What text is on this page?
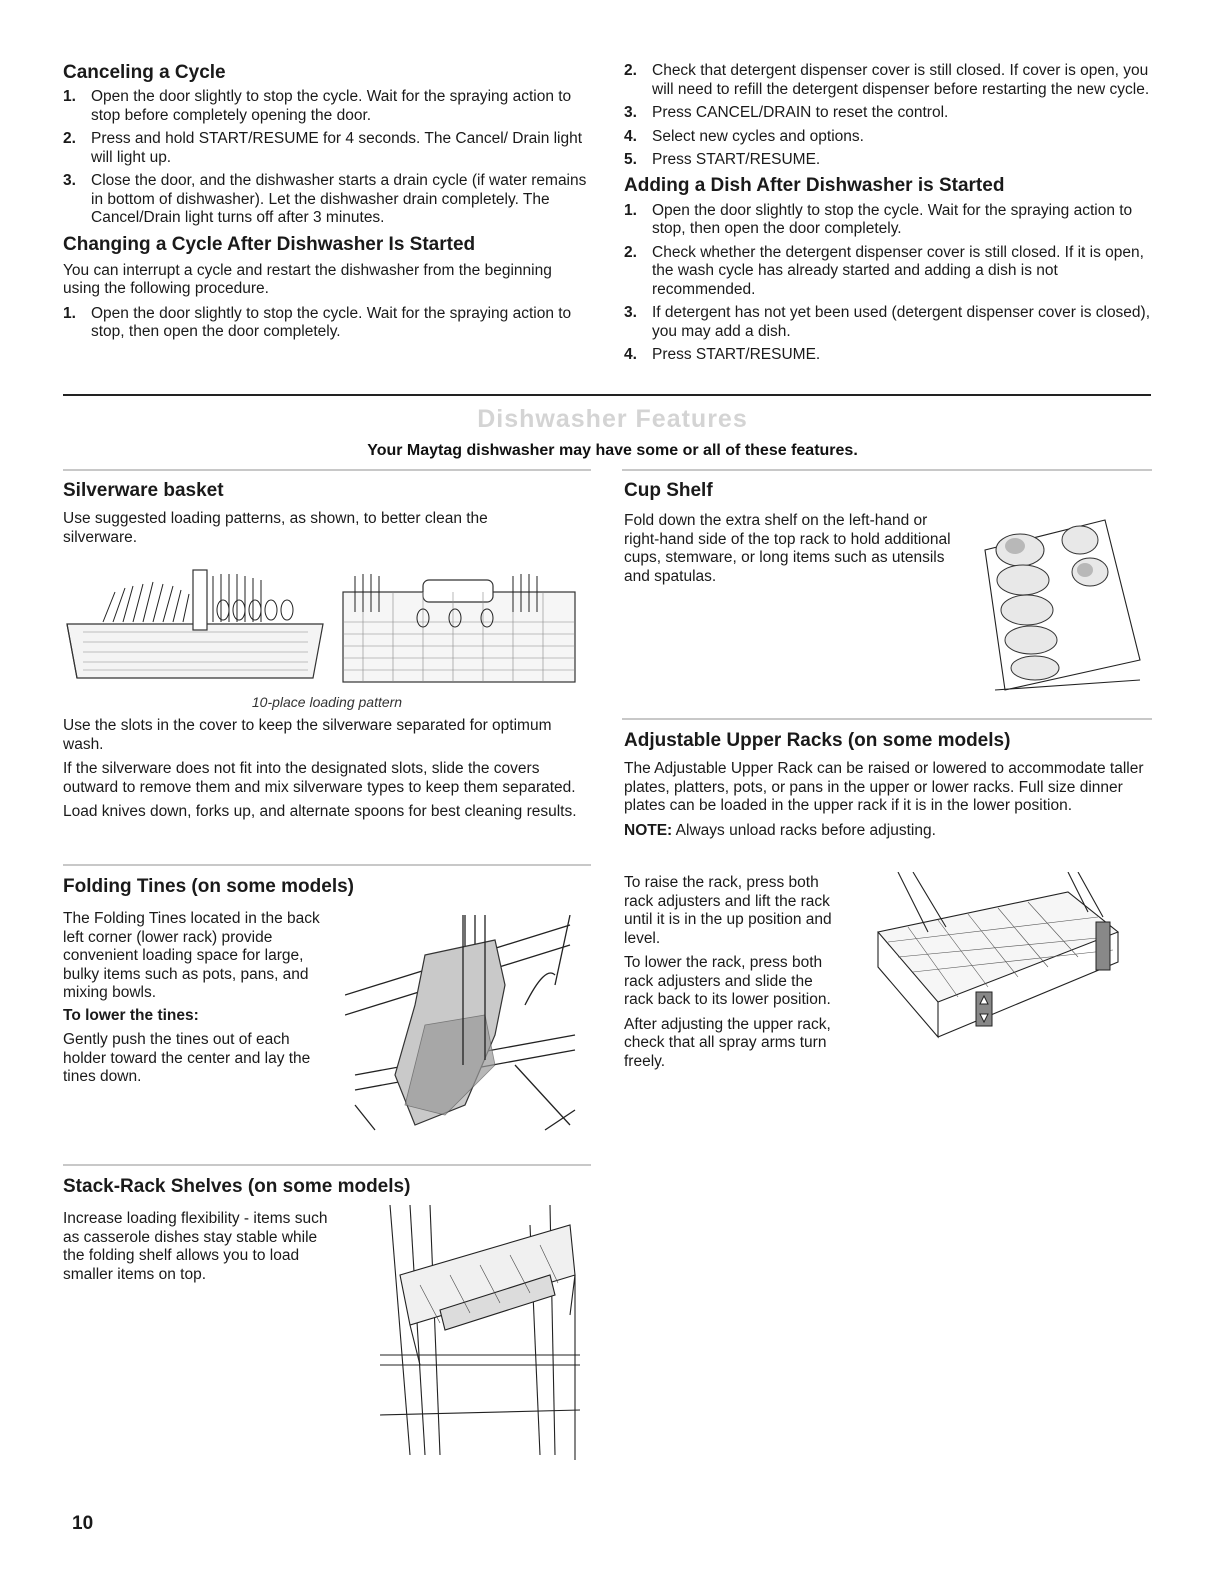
Canceling a Cycle
1. Open the door slightly to stop the cycle. Wait for the spraying action to stop before completely opening the door.
2. Press and hold START/RESUME for 4 seconds. The Cancel/ Drain light will light up.
3. Close the door, and the dishwasher starts a drain cycle (if water remains in bottom of dishwasher). Let the dishwasher drain completely. The Cancel/Drain light turns off after 3 minutes.
Changing a Cycle After Dishwasher Is Started

You can interrupt a cycle and restart the dishwasher from the beginning using the following procedure.

1. Open the door slightly to stop the cycle. Wait for the spraying action to stop, then open the door completely.
2. Check that detergent dispenser cover is still closed. If cover is open, you will need to refill the detergent dispenser before restarting the new cycle.
3. Press CANCEL/DRAIN to reset the control.
4. Select new cycles and options.
5. Press START/RESUME.
Adding a Dish After Dishwasher is Started
1. Open the door slightly to stop the cycle. Wait for the spraying action to stop, then open the door completely.
2. Check whether the detergent dispenser cover is still closed. If it is open, the wash cycle has already started and adding a dish is not recommended.
3. If detergent has not yet been used (detergent dispenser cover is closed), you may add a dish.
4. Press START/RESUME.
Dishwasher Features
Your Maytag dishwasher may have some or all of these features.
Silverware basket

Use suggested loading patterns, as shown, to better clean the silverware.

10-place loading pattern

Use the slots in the cover to keep the silverware separated for optimum wash.

If the silverware does not fit into the designated slots, slide the covers outward to remove them and mix silverware types to keep them separated.

Load knives down, forks up, and alternate spoons for best cleaning results.

Folding Tines (on some models)

The Folding Tines located in the back left corner (lower rack) provide convenient loading space for large, bulky items such as pots, pans, and mixing bowls.

To lower the tines:

Gently push the tines out of each holder toward the center and lay the tines down.

Stack-Rack Shelves (on some models)

Increase loading flexibility - items such as casserole dishes stay stable while the folding shelf allows you to load smaller items on top.

Cup Shelf

Fold down the extra shelf on the left-hand or right-hand side of the top rack to hold additional cups, stemware, or long items such as utensils and spatulas.

Adjustable Upper Racks (on some models)

The Adjustable Upper Rack can be raised or lowered to accommodate taller plates, platters, pots, or pans in the upper or lower racks. Full size dinner plates can be loaded in the upper rack if it is in the lower position.

NOTE: Always unload racks before adjusting.

To raise the rack, press both rack adjusters and lift the rack until it is in the up position and level.

To lower the rack, press both rack adjusters and slide the rack back to its lower position.

After adjusting the upper rack, check that all spray arms turn freely.

10
